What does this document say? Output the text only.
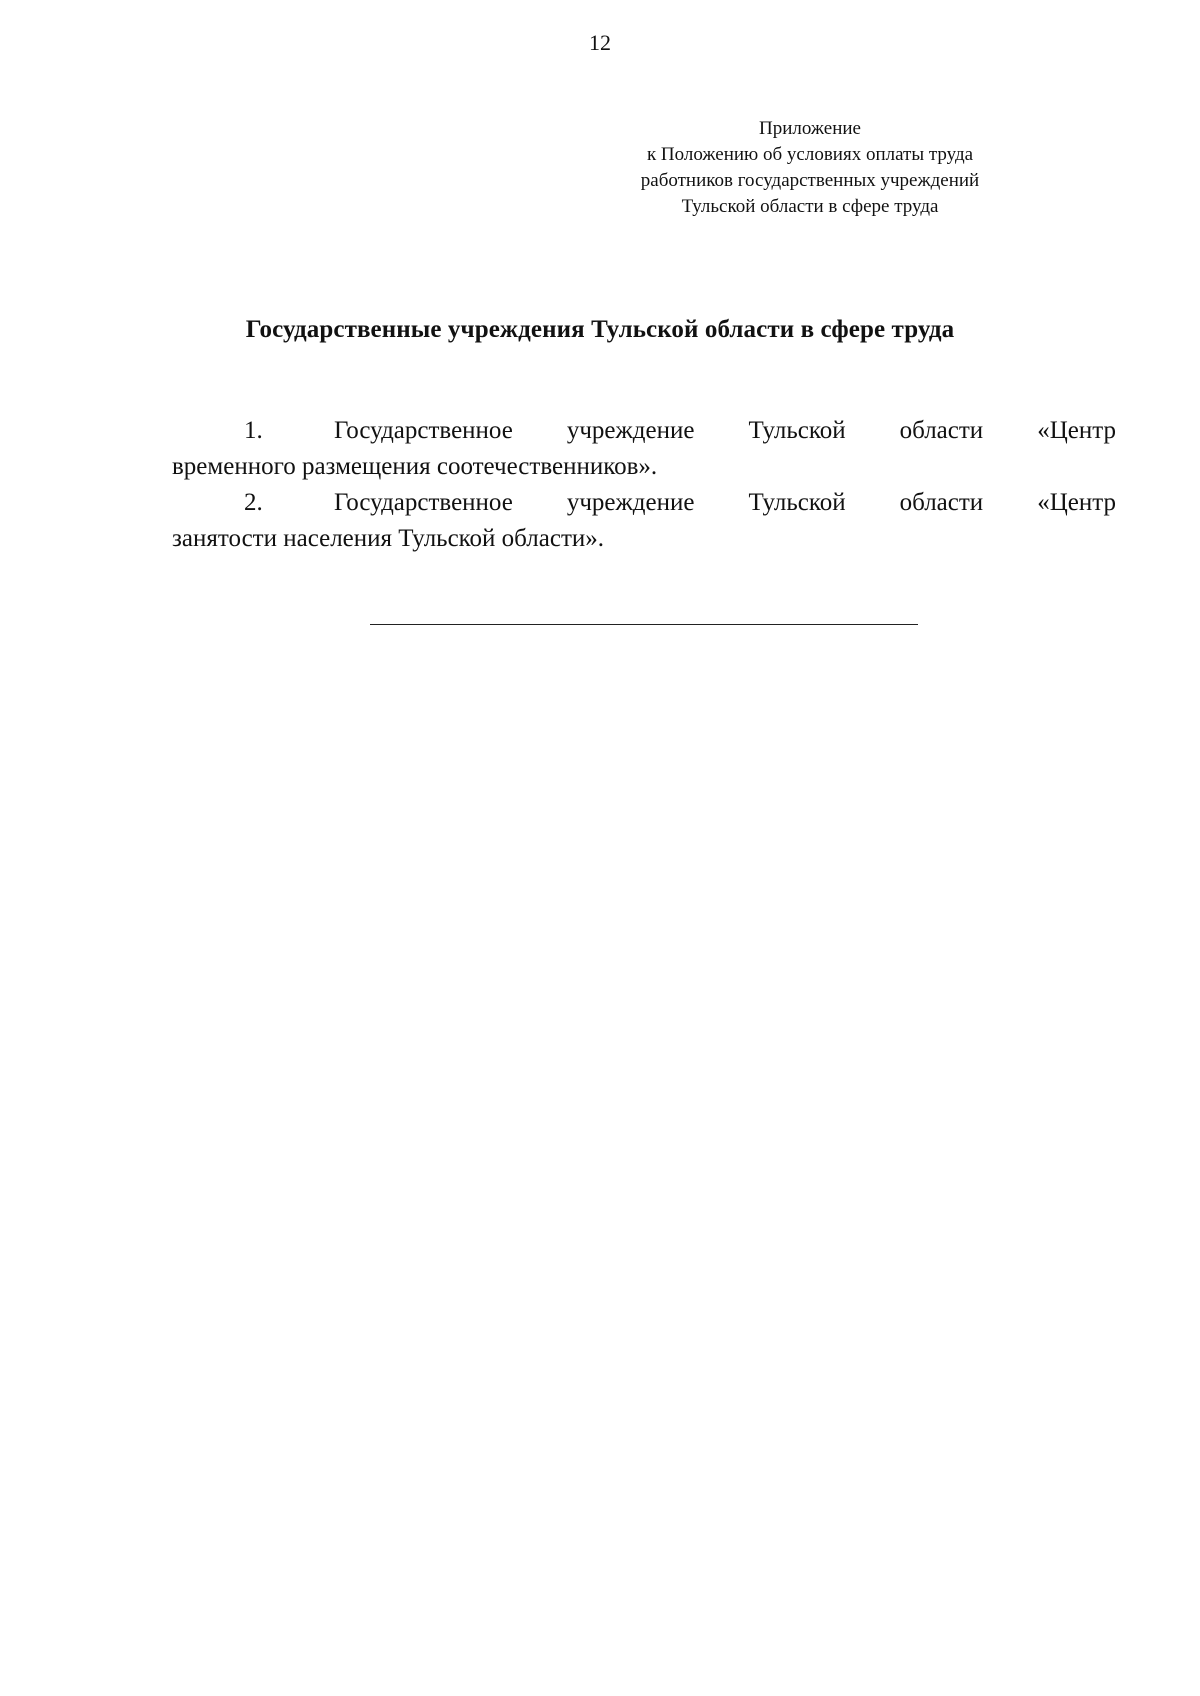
12
Приложение
к Положению об условиях оплаты труда
работников государственных учреждений
Тульской области в сфере труда
Государственные учреждения Тульской области в сфере труда
1.	Государственное учреждение Тульской области «Центр
временного размещения соотечественников».
2.	Государственное учреждение Тульской области «Центр
занятости населения Тульской области».
